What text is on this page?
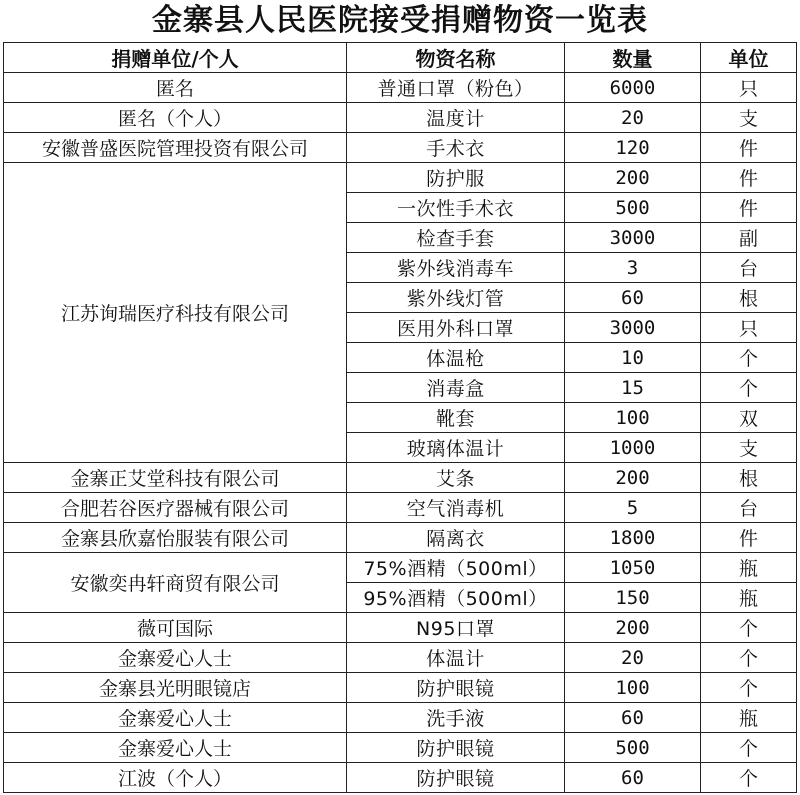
金寨县人民医院接受捐赠物资一览表
捐赠单位/个人	物资名称	数量	单位
匿名	普通口罩（粉色）	6000	只
匿名（个人）	温度计	20	支
安徽普盛医院管理投资有限公司	手术衣	120	件
江苏询瑞医疗科技有限公司	防护服	200	件
	一次性手术衣	500	件
	检查手套	3000	副
	紫外线消毒车	3	台
	紫外线灯管	60	根
	医用外科口罩	3000	只
	体温枪	10	个
	消毒盒	15	个
	靴套	100	双
	玻璃体温计	1000	支
金寨正艾堂科技有限公司	艾条	200	根
合肥若谷医疗器械有限公司	空气消毒机	5	台
金寨县欣嘉怡服装有限公司	隔离衣	1800	件
安徽奕冉轩商贸有限公司	75%酒精（500ml）	1050	瓶
	95%酒精（500ml）	150	瓶
薇可国际	N95口罩	200	个
金寨爱心人士	体温计	20	个
金寨县光明眼镜店	防护眼镜	100	个
金寨爱心人士	洗手液	60	瓶
金寨爱心人士	防护眼镜	500	个
江波（个人）	防护眼镜	60	个
